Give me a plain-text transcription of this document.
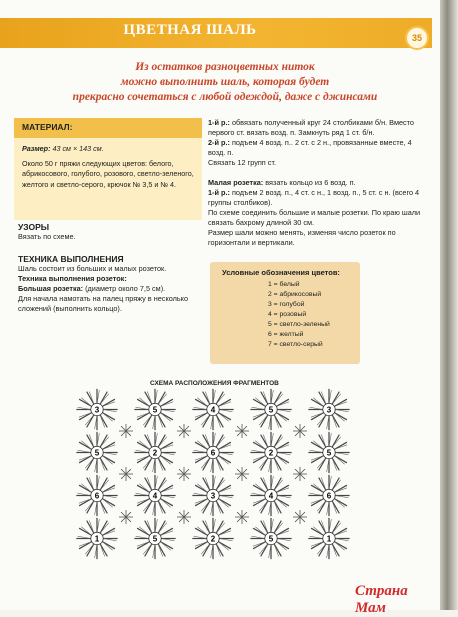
ЦВЕТНАЯ ШАЛЬ	35
Из остатков разноцветных ниток
можно выполнить шаль, которая будет
прекрасно сочетаться с любой одеждой, даже с джинсами
МАТЕРИАЛ:
Размер: 43 см × 143 см.
Около 50 г пряжи следующих цветов: белого, абрикосового, голубого, розового, светло-зеленого, желтого и светло-серого, крючок № 3,5 и № 4.
УЗОРЫ
Вязать по схеме.
ТЕХНИКА ВЫПОЛНЕНИЯ
Шаль состоит из больших и малых розеток.
Техника выполнения розеток:
Большая розетка: (диаметр около 7,5 см).
Для начала намотать на палец пряжу в несколько сложений (выполнить кольцо).

1-й р.: обвязать полученный круг 24 столбиками б/н. Вместо первого ст. вязать возд. п. Замкнуть ряд 1 ст. б/н.

2-й р.: подъем 4 возд. п.. 2 ст. с 2 н., провязанные вместе, 4 возд. п.

Связать 12 групп ст.

Малая розетка: вязать кольцо из 6 возд. п.

1-й р.: подъем 2 возд. п., 4 ст. с н., 1 возд. п., 5 ст. с н. (всего 4 группы столбиков).

По схеме соединить большие и малые розетки. По краю шали связать бахрому длиной 30 см.

Размер шали можно менять, изменяя число розеток по горизонтали и вертикали.

Условные обозначения цветов:
1 = белый
2 = абрикосовый
3 = голубой
4 = розовый
5 = светло-зеленый
6 = желтый
7 = светло-серый
СХЕМА РАСПОЛОЖЕНИЯ ФРАГМЕНТОВ
3	5	4	5	3
5	2	6	2	5
6	4	3	4	6
1	5	2	5	1
Страна Мам
